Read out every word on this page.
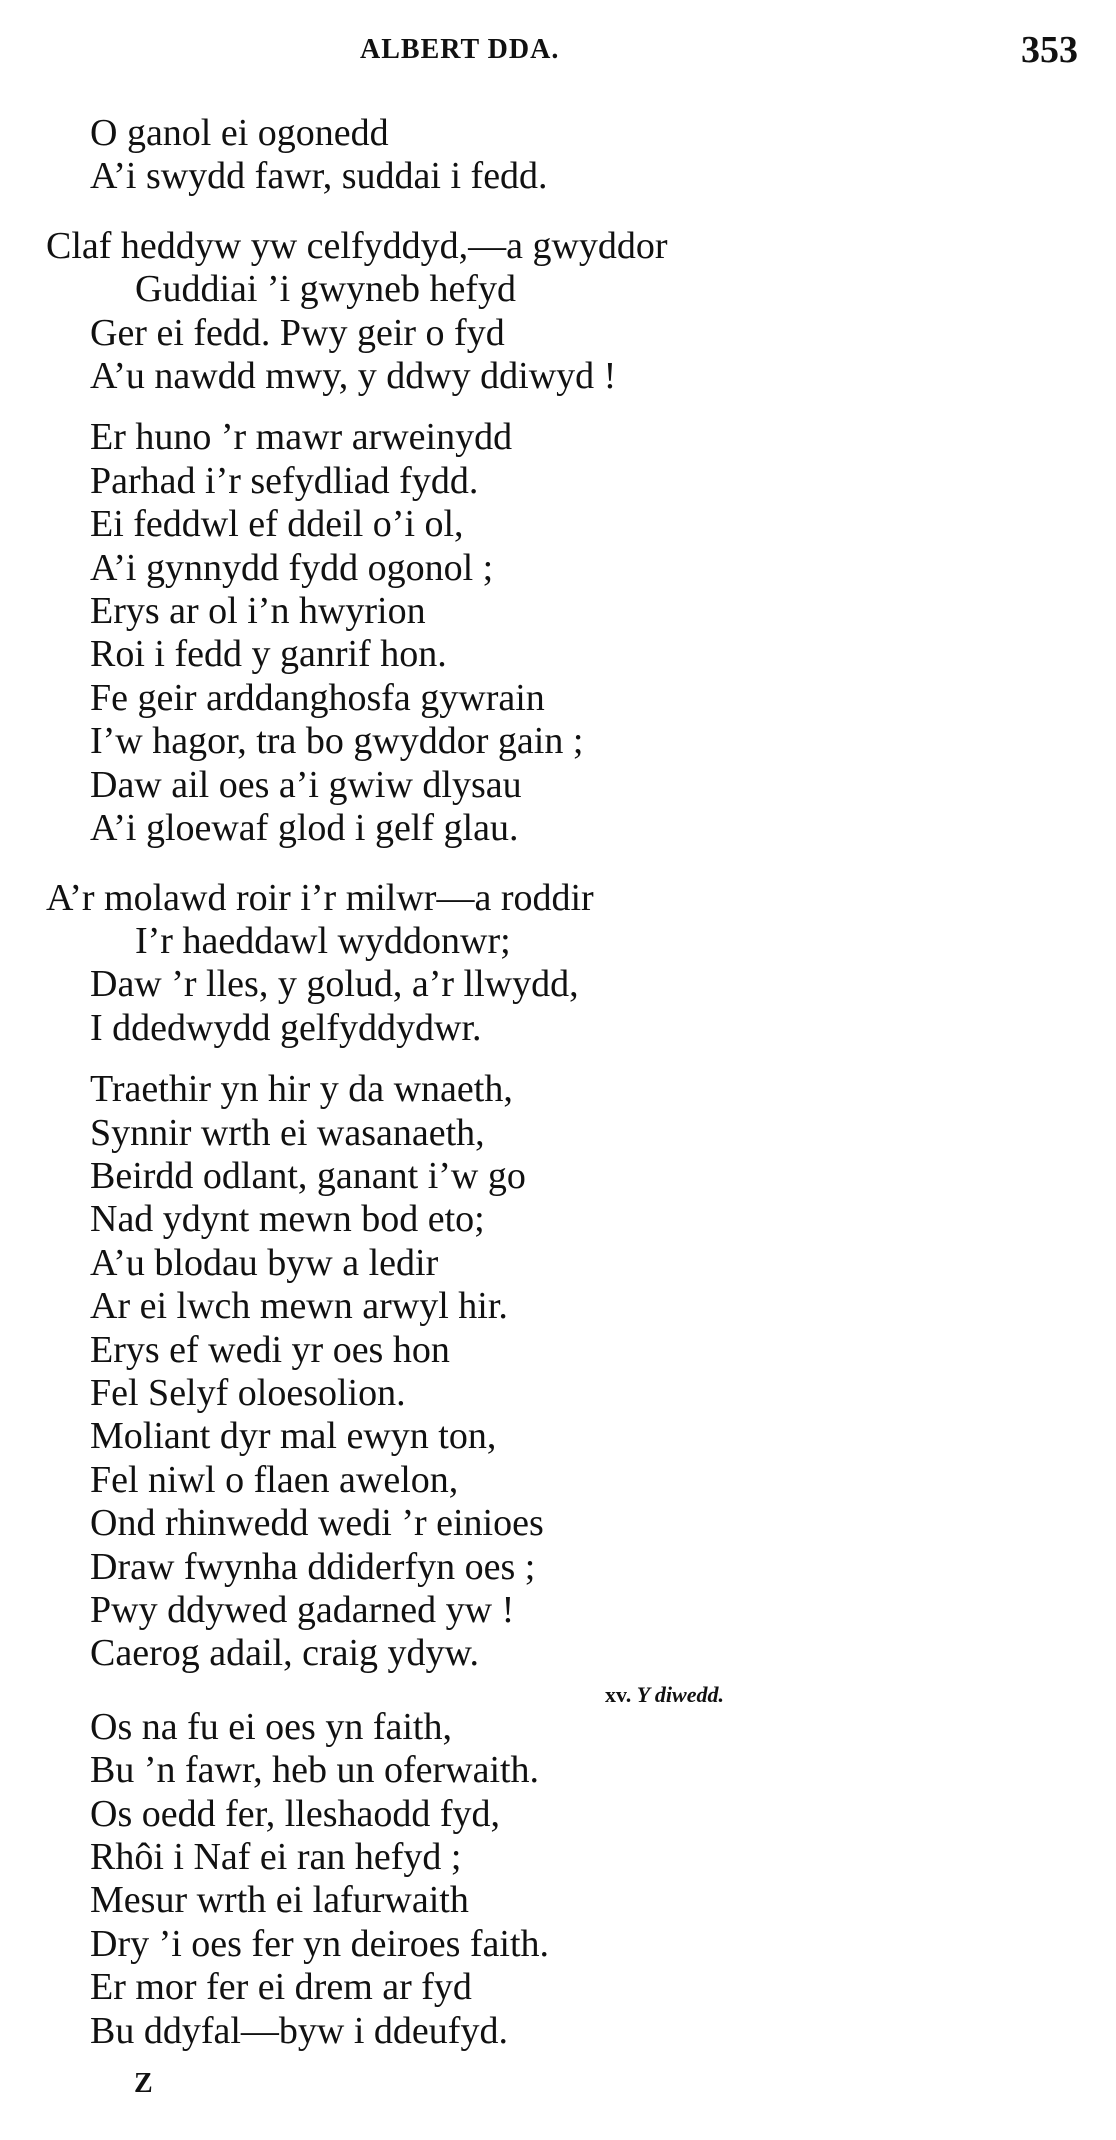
ALBERT DDA.	353
O ganol ei ogonedd
A’i swydd fawr, suddai i fedd.
Claf heddyw yw celfyddyd,—a gwyddor
Guddiai ’i gwyneb hefyd
Ger ei fedd. Pwy geir o fyd
A’u nawdd mwy, y ddwy ddiwyd !
Er huno ’r mawr arweinydd
Parhad i’r sefydliad fydd.
Ei feddwl ef ddeil o’i ol,
A’i gynnydd fydd ogonol ;
Erys ar ol i’n hwyrion
Roi i fedd y ganrif hon.
Fe geir arddanghosfa gywrain
I’w hagor, tra bo gwyddor gain ;
Daw ail oes a’i gwiw dlysau
A’i gloewaf glod i gelf glau.
A’r molawd roir i’r milwr—a roddir
I’r haeddawl wyddonwr;
Daw ’r lles, y golud, a’r llwydd,
I ddedwydd gelfyddydwr.
Traethir yn hir y da wnaeth,
Synnir wrth ei wasanaeth,
Beirdd odlant, ganant i’w go
Nad ydynt mewn bod eto;
A’u blodau byw a ledir
Ar ei lwch mewn arwyl hir.
Erys ef wedi yr oes hon
Fel Selyf oloesolion.
Moliant dyr mal ewyn ton,
Fel niwl o flaen awelon,
Ond rhinwedd wedi ’r einioes
Draw fwynha ddiderfyn oes ;
Pwy ddywed gadarned yw !
Caerog adail, craig ydyw.
xv. Y diwedd.
Os na fu ei oes yn faith,
Bu ’n fawr, heb un oferwaith.
Os oedd fer, lleshaodd fyd,
Rhôi i Naf ei ran hefyd ;
Mesur wrth ei lafurwaith
Dry ’i oes fer yn deiroes faith.
Er mor fer ei drem ar fyd
Bu ddyfal—byw i ddeufyd.
Z
